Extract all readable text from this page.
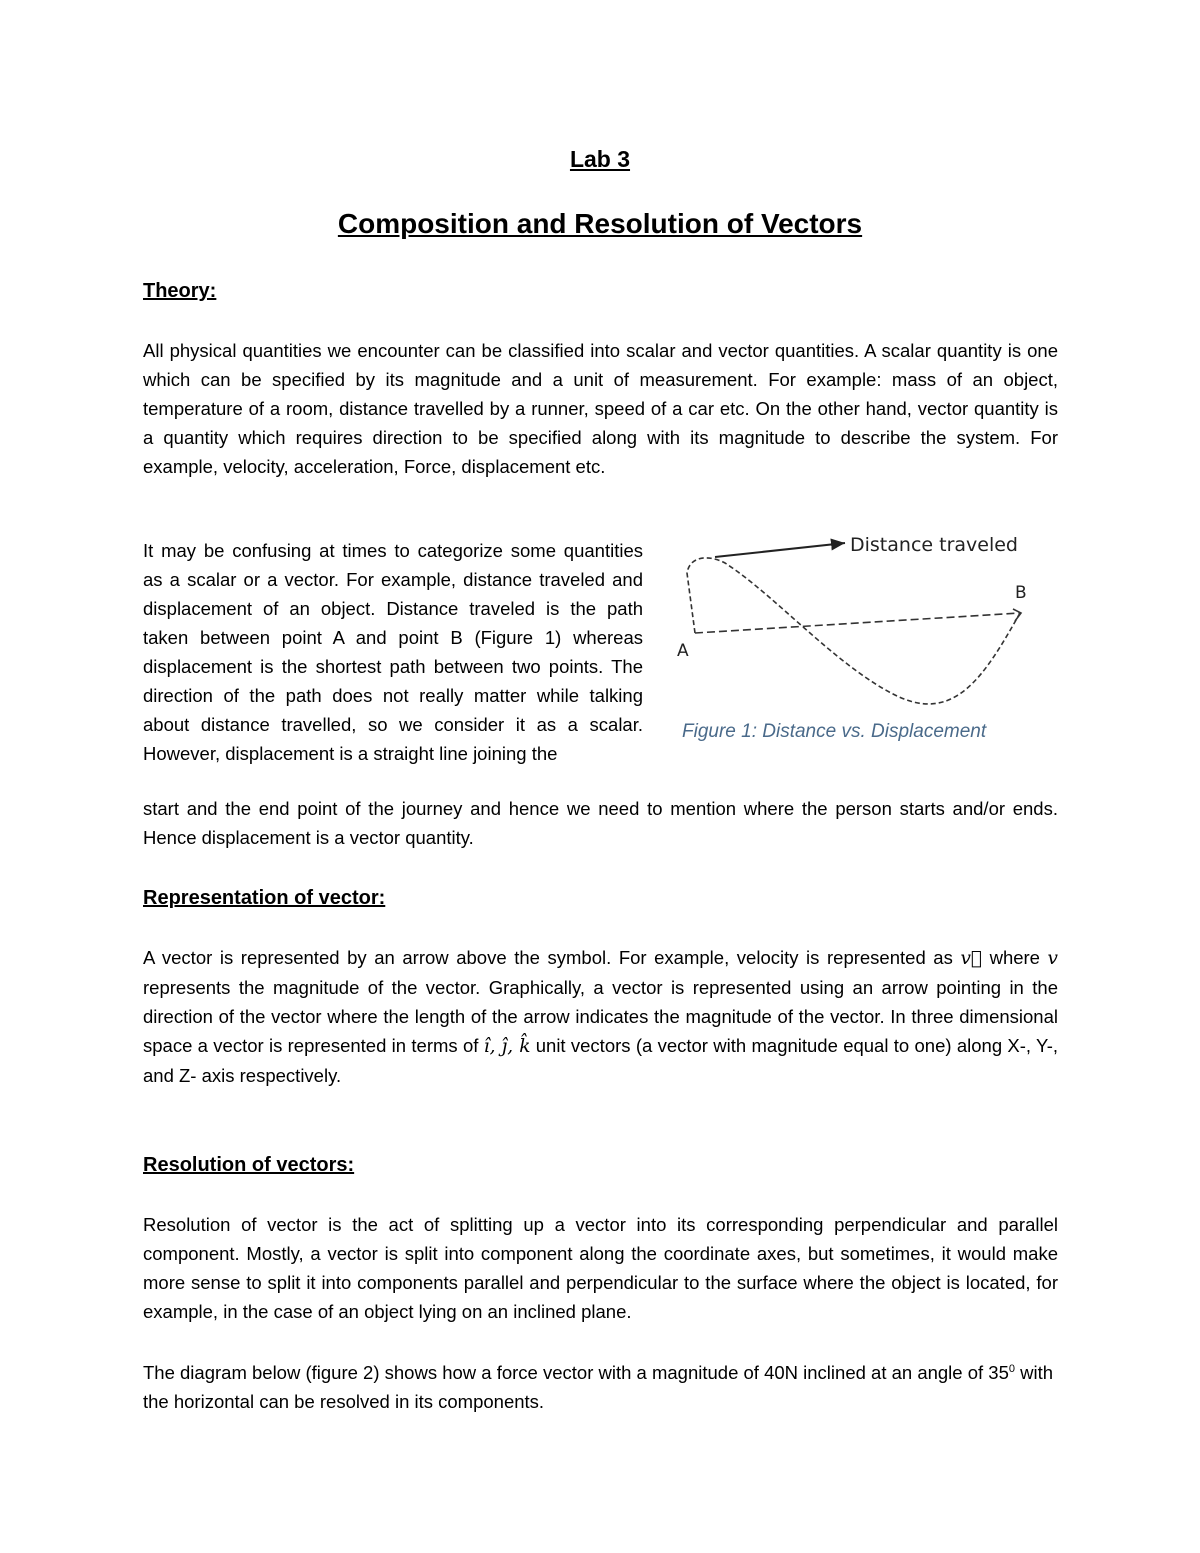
Lab 3
Composition and Resolution of Vectors
Theory:

All physical quantities we encounter can be classified into scalar and vector quantities. A scalar quantity is one which can be specified by its magnitude and a unit of measurement. For example: mass of an object, temperature of a room, distance travelled by a runner, speed of a car etc. On the other hand, vector quantity is a quantity which requires direction to be specified along with its magnitude to describe the system. For example, velocity, acceleration, Force, displacement etc.

It may be confusing at times to categorize some quantities as a scalar or a vector. For example, distance traveled and displacement of an object. Distance traveled is the path taken between point A and point B (Figure 1) whereas displacement is the shortest path between two points. The direction of the path does not really matter while talking about distance travelled, so we consider it as a scalar. However, displacement is a straight line joining the

Distance traveled
A
B
Figure 1: Distance vs. Displacement

start and the end point of the journey and hence we need to mention where the person starts and/or ends. Hence displacement is a vector quantity.

Representation of vector:

A vector is represented by an arrow above the symbol. For example, velocity is represented as v⃗ where v represents the magnitude of the vector. Graphically, a vector is represented using an arrow pointing in the direction of the vector where the length of the arrow indicates the magnitude of the vector. In three dimensional space a vector is represented in terms of î, ĵ, k̂ unit vectors (a vector with magnitude equal to one) along X-, Y-, and Z- axis respectively.

Resolution of vectors:

Resolution of vector is the act of splitting up a vector into its corresponding perpendicular and parallel component. Mostly, a vector is split into component along the coordinate axes, but sometimes, it would make more sense to split it into components parallel and perpendicular to the surface where the object is located, for example, in the case of an object lying on an inclined plane.

The diagram below (figure 2) shows how a force vector with a magnitude of 40N inclined at an angle of $35^0$ with the horizontal can be resolved in its components.
